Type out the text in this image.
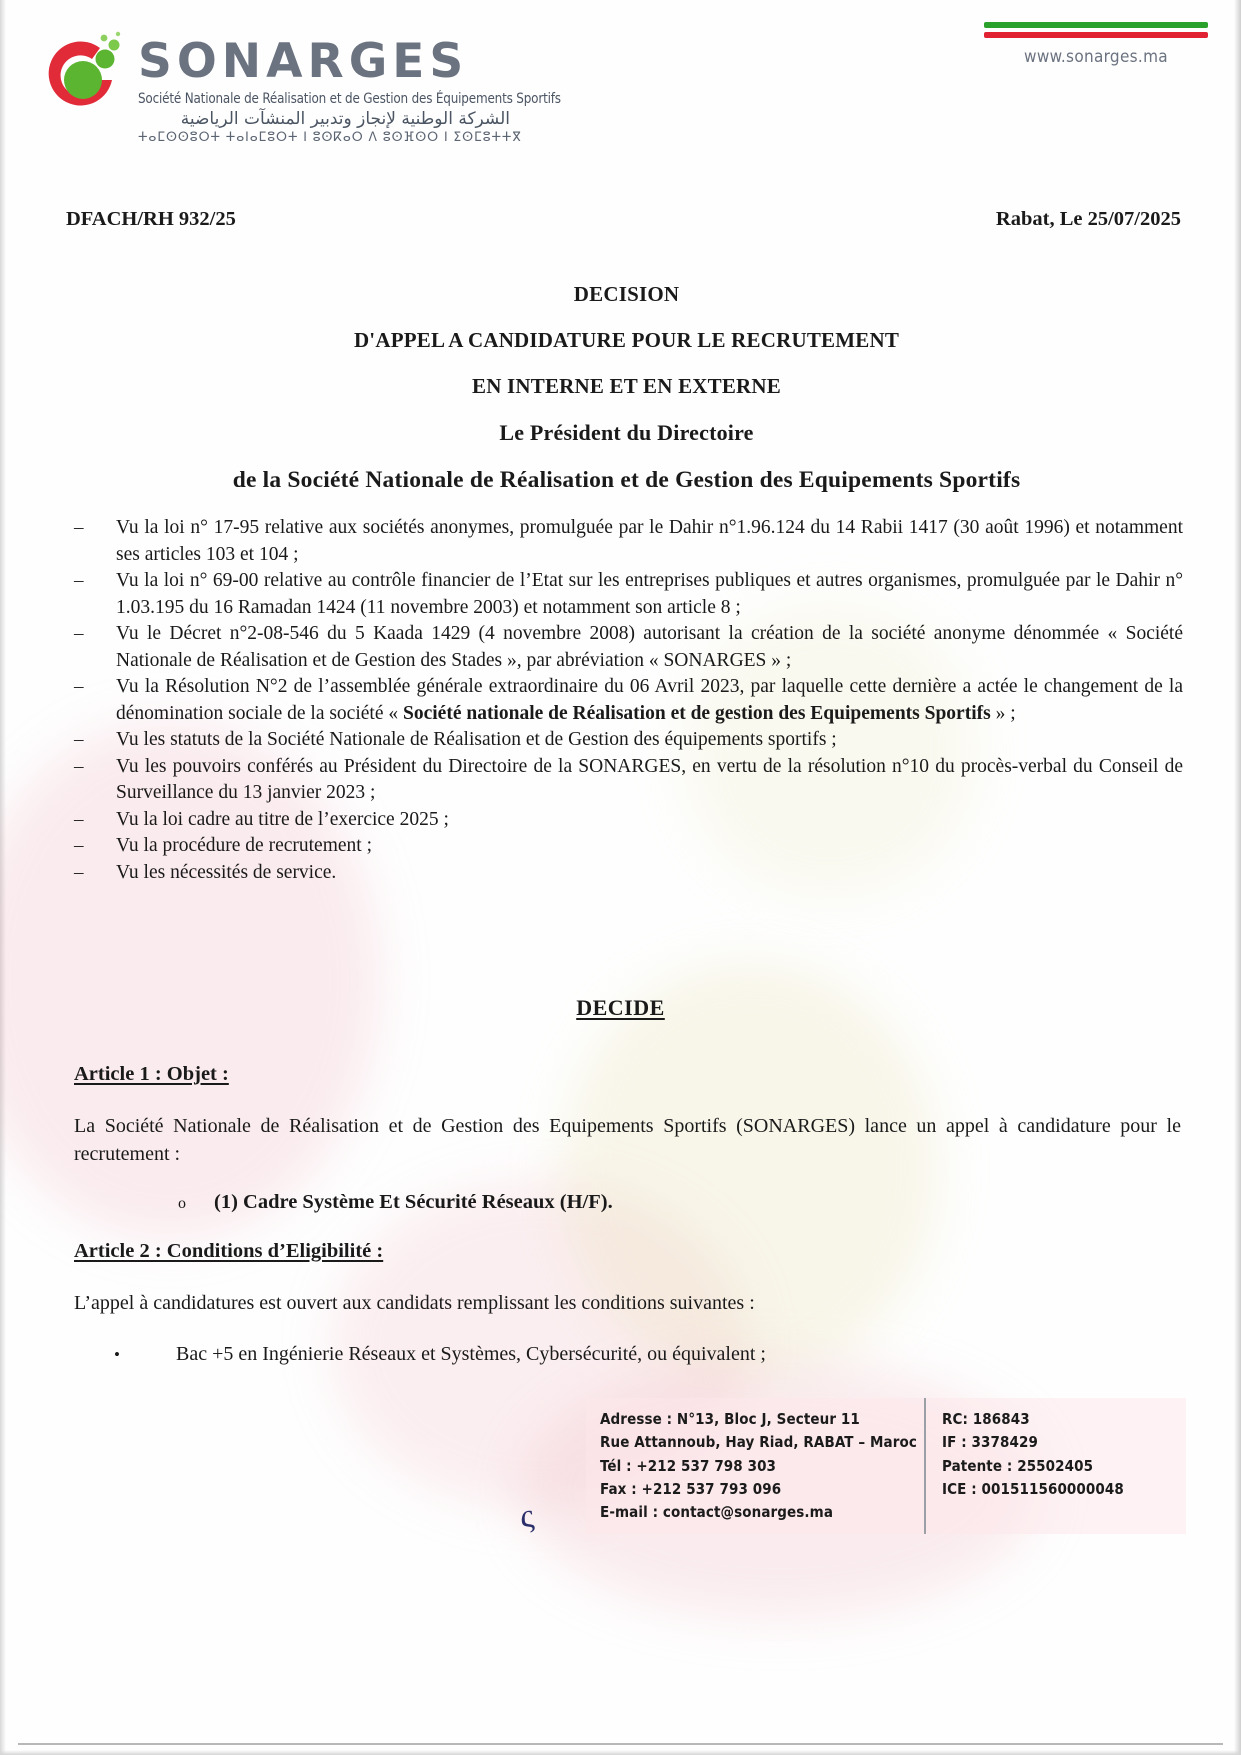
SONARGES
Société Nationale de Réalisation et de Gestion des Équipements Sportifs
الشركة الوطنية لإنجاز وتدبير المنشآت الرياضية
ⵜⴰⵎⵙⵙⵓⵔⵜ ⵜⴰⵏⴰⵎⵓⵔⵜ ⵏ ⵓⵙⴽⴰⵔ ⴷ ⵓⵙⴼⵙⵔ ⵏ ⵉⵙⵎⵓⵜⵜⴳ
www.sonarges.ma
DFACH/RH 932/25	Rabat, Le 25/07/2025
DECISION
D'APPEL A CANDIDATURE POUR LE RECRUTEMENT
EN INTERNE ET EN EXTERNE
Le Président du Directoire
de la Société Nationale de Réalisation et de Gestion des Equipements Sportifs
–	Vu la loi n° 17-95 relative aux sociétés anonymes, promulguée par le Dahir n°1.96.124 du 14 Rabii 1417 (30 août 1996) et notamment ses articles 103 et 104 ;
–	Vu la loi n° 69-00 relative au contrôle financier de l’Etat sur les entreprises publiques et autres organismes, promulguée par le Dahir n° 1.03.195 du 16 Ramadan 1424 (11 novembre 2003) et notamment son article 8 ;
–	Vu le Décret n°2-08-546 du 5 Kaada 1429 (4 novembre 2008) autorisant la création de la société anonyme dénommée « Société Nationale de Réalisation et de Gestion des Stades », par abréviation « SONARGES » ;
–	Vu la Résolution N°2 de l’assemblée générale extraordinaire du 06 Avril 2023, par laquelle cette dernière a actée le changement de la dénomination sociale de la société « Société nationale de Réalisation et de gestion des Equipements Sportifs » ;
–	Vu les statuts de la Société Nationale de Réalisation et de Gestion des équipements sportifs ;
–	Vu les pouvoirs conférés au Président du Directoire de la SONARGES, en vertu de la résolution n°10 du procès-verbal du Conseil de Surveillance du 13 janvier 2023 ;
–	Vu la loi cadre au titre de l’exercice 2025 ;
–	Vu la procédure de recrutement ;
–	Vu les nécessités de service.
DECIDE
Article 1 : Objet :
La Société Nationale de Réalisation et de Gestion des Equipements Sportifs (SONARGES) lance un appel à candidature pour le recrutement :
o	(1) Cadre Système Et Sécurité Réseaux (H/F).
Article 2 : Conditions d’Eligibilité :
L’appel à candidatures est ouvert aux candidats remplissant les conditions suivantes :
•	Bac +5 en Ingénierie Réseaux et Systèmes, Cybersécurité, ou équivalent ;
ς
Adresse : N°13, Bloc J, Secteur 11
Rue Attannoub, Hay Riad, RABAT – Maroc
Tél : +212 537 798 303
Fax : +212 537 793 096
E-mail : contact@sonarges.ma
RC: 186843
IF : 3378429
Patente : 25502405
ICE : 001511560000048
